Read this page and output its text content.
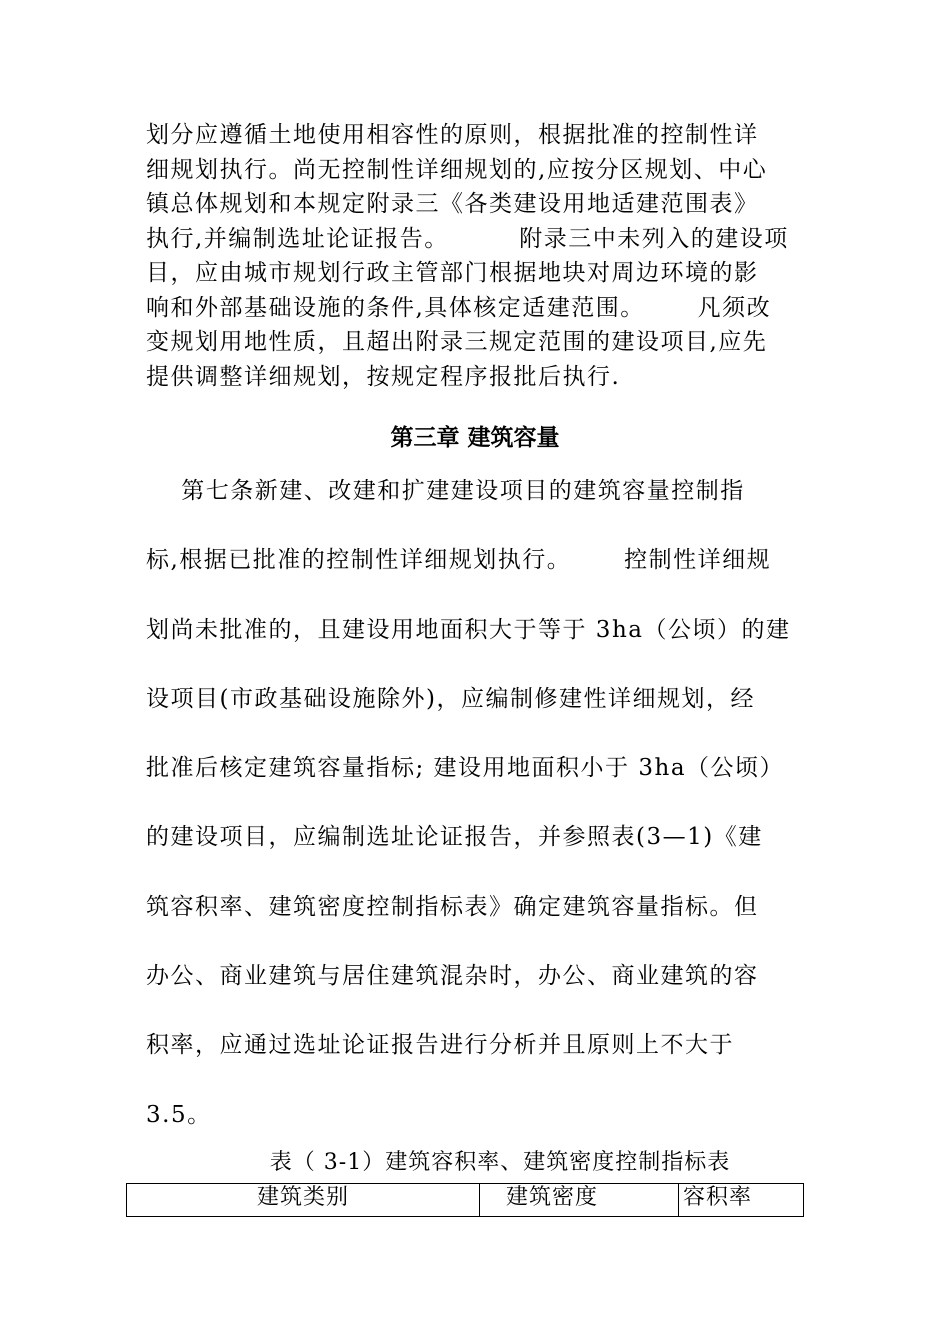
划分应遵循土地使用相容性的原则，根据批准的控制性详
细规划执行。尚无控制性详细规划的,应按分区规划、中心
镇总体规划和本规定附录三《各类建设用地适建范围表》
执行,并编制选址论证报告。        附录三中未列入的建设项
目，应由城市规划行政主管部门根据地块对周边环境的影
响和外部基础设施的条件,具体核定适建范围。      凡须改
变规划用地性质，且超出附录三规定范围的建设项目,应先
提供调整详细规划，按规定程序报批后执行.
第三章 建筑容量
第七条新建、改建和扩建建设项目的建筑容量控制指
标,根据已批准的控制性详细规划执行。      控制性详细规
划尚未批准的，且建设用地面积大于等于 3ha（公顷）的建
设项目(市政基础设施除外)，应编制修建性详细规划，经
批准后核定建筑容量指标; 建设用地面积小于 3ha（公顷）
的建设项目，应编制选址论证报告，并参照表(3—1)《建
筑容积率、建筑密度控制指标表》确定建筑容量指标。但
办公、商业建筑与居住建筑混杂时，办公、商业建筑的容
积率，应通过选址论证报告进行分析并且原则上不大于
3.5。

表（ 3-1）建筑容积率、建筑密度控制指标表

建筑类别	建筑密度	容积率
